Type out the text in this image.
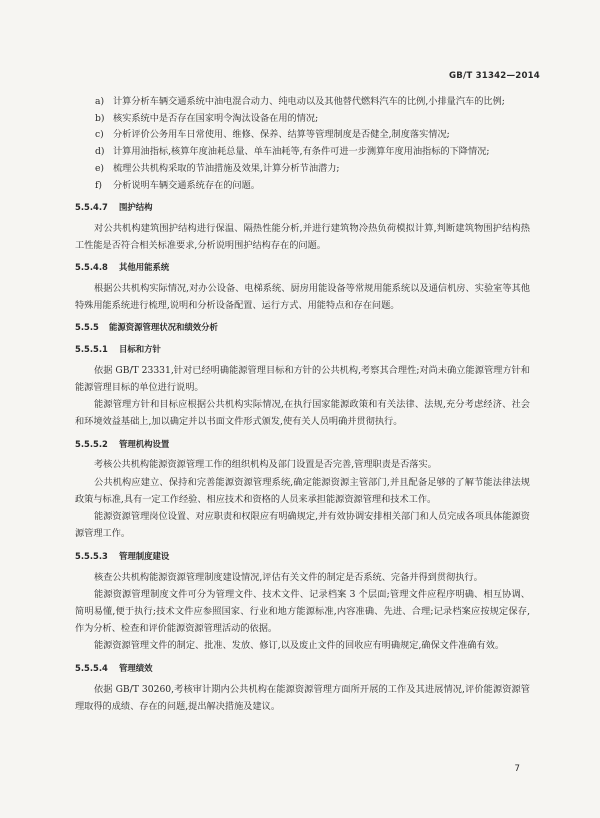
GB/T 31342—2014
a) 计算分析车辆交通系统中油电混合动力、纯电动以及其他替代燃料汽车的比例,小排量汽车的比例;
b) 核实系统中是否存在国家明令淘汰设备在用的情况;
c) 分析评价公务用车日常使用、维修、保养、结算等管理制度是否健全,制度落实情况;
d) 计算用油指标,核算年度油耗总量、单车油耗等,有条件可进一步测算年度用油指标的下降情况;
e) 梳理公共机构采取的节油措施及效果,计算分析节油潜力;
f) 分析说明车辆交通系统存在的问题。
5.5.4.7 围护结构
对公共机构建筑围护结构进行保温、隔热性能分析,并进行建筑物冷热负荷模拟计算,判断建筑物围护结构热工性能是否符合相关标准要求,分析说明围护结构存在的问题。
5.5.4.8 其他用能系统
根据公共机构实际情况,对办公设备、电梯系统、厨房用能设备等常规用能系统以及通信机房、实验室等其他特殊用能系统进行梳理,说明和分析设备配置、运行方式、用能特点和存在问题。
5.5.5 能源资源管理状况和绩效分析
5.5.5.1 目标和方针
依据 GB/T 23331,针对已经明确能源管理目标和方针的公共机构,考察其合理性;对尚未确立能源管理方针和能源管理目标的单位进行说明。
能源管理方针和目标应根据公共机构实际情况,在执行国家能源政策和有关法律、法规,充分考虑经济、社会和环境效益基础上,加以确定并以书面文件形式颁发,使有关人员明确并贯彻执行。
5.5.5.2 管理机构设置
考核公共机构能源资源管理工作的组织机构及部门设置是否完善,管理职责是否落实。
公共机构应建立、保持和完善能源资源管理系统,确定能源资源主管部门,并且配备足够的了解节能法律法规政策与标准,具有一定工作经验、相应技术和资格的人员来承担能源资源管理和技术工作。
能源资源管理岗位设置、对应职责和权限应有明确规定,并有效协调安排相关部门和人员完成各项具体能源资源管理工作。
5.5.5.3 管理制度建设
核查公共机构能源资源管理制度建设情况,评估有关文件的制定是否系统、完备并得到贯彻执行。
能源资源管理制度文件可分为管理文件、技术文件、记录档案 3 个层面;管理文件应程序明确、相互协调、简明易懂,便于执行;技术文件应参照国家、行业和地方能源标准,内容准确、先进、合理;记录档案应按规定保存,作为分析、检查和评价能源资源管理活动的依据。
能源资源管理文件的制定、批准、发放、修订,以及废止文件的回收应有明确规定,确保文件准确有效。
5.5.5.4 管理绩效
依据 GB/T 30260,考核审计期内公共机构在能源资源管理方面所开展的工作及其进展情况,评价能源资源管理取得的成绩、存在的问题,提出解决措施及建议。
7
